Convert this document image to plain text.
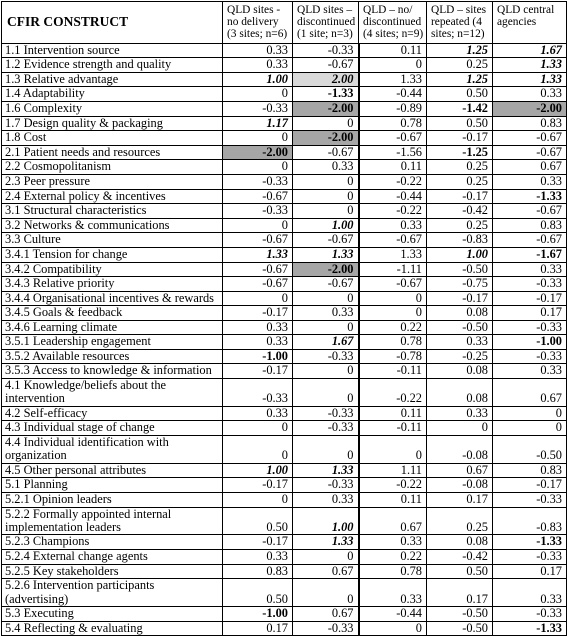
CFIR CONSTRUCT	QLD sites - no delivery (3 sites; n=6)	QLD sites – discontinued (1 site; n=3)	QLD – no/ discontinued (4 sites; n=9)	QLD – sites repeated (4 sites; n=12)	QLD central agencies
1.1 Intervention source	0.33	-0.33	0.11	1.25	1.67
1.2 Evidence strength and quality	0.33	-0.67	0	0.25	1.33
1.3 Relative advantage	1.00	2.00	1.33	1.25	1.33
1.4 Adaptability	0	-1.33	-0.44	0.50	0.33
1.6 Complexity	-0.33	-2.00	-0.89	-1.42	-2.00
1.7 Design quality & packaging	1.17	0	0.78	0.50	0.83
1.8 Cost	0	-2.00	-0.67	-0.17	-0.67
2.1 Patient needs and resources	-2.00	-0.67	-1.56	-1.25	-0.67
2.2 Cosmopolitanism	0	0.33	0.11	0.25	0.67
2.3 Peer pressure	-0.33	0	-0.22	0.25	0.33
2.4 External policy & incentives	-0.67	0	-0.44	-0.17	-1.33
3.1 Structural characteristics	-0.33	0	-0.22	-0.42	-0.67
3.2 Networks & communications	0	1.00	0.33	0.25	0.83
3.3 Culture	-0.67	-0.67	-0.67	-0.83	-0.67
3.4.1 Tension for change	1.33	1.33	1.33	1.00	-1.67
3.4.2 Compatibility	-0.67	-2.00	-1.11	-0.50	0.33
3.4.3 Relative priority	-0.67	-0.67	-0.67	-0.75	-0.33
3.4.4 Organisational incentives & rewards	0	0	0	-0.17	-0.17
3.4.5 Goals & feedback	-0.17	0.33	0	0.08	0.17
3.4.6 Learning climate	0.33	0	0.22	-0.50	-0.33
3.5.1 Leadership engagement	0.33	1.67	0.78	0.33	-1.00
3.5.2 Available resources	-1.00	-0.33	-0.78	-0.25	-0.33
3.5.3 Access to knowledge & information	-0.17	0	-0.11	0.08	0.33
4.1 Knowledge/beliefs about the intervention	-0.33	0	-0.22	0.08	0.67
4.2 Self-efficacy	0.33	-0.33	0.11	0.33	0
4.3 Individual stage of change	0	-0.33	-0.11	0	0
4.4 Individual identification with organization	0	0	0	-0.08	-0.50
4.5 Other personal attributes	1.00	1.33	1.11	0.67	0.83
5.1 Planning	-0.17	-0.33	-0.22	-0.08	-0.17
5.2.1 Opinion leaders	0	0.33	0.11	0.17	-0.33
5.2.2 Formally appointed internal implementation leaders	0.50	1.00	0.67	0.25	-0.83
5.2.3 Champions	-0.17	1.33	0.33	0.08	-1.33
5.2.4 External change agents	0.33	0	0.22	-0.42	-0.33
5.2.5 Key stakeholders	0.83	0.67	0.78	0.50	0.17
5.2.6 Intervention participants (advertising)	0.50	0	0.33	0.17	0.33
5.3 Executing	-1.00	0.67	-0.44	-0.50	-0.33
5.4 Reflecting & evaluating	0.17	-0.33	0	-0.50	-1.33
